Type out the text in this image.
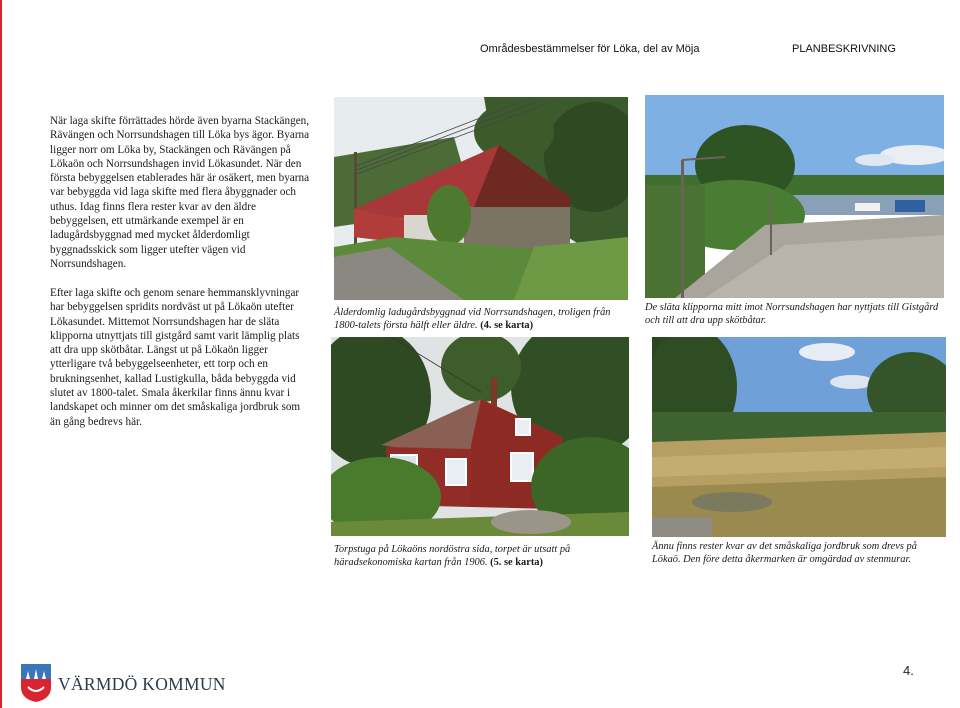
Områdesbestämmelser för Löka, del av Möja	PLANBESKRIVNING

När laga skifte förrättades hörde även byarna Stackängen, Rävängen och Norrsundshagen till Löka bys ägor. Byarna ligger norr om Löka by, Stackängen och Rävängen på Lökaön och Norrsundshagen invid Lökasundet. När den första bebyggelsen etablerades här är osäkert, men byarna var bebyggda vid laga skifte med flera åbyggnader och uthus. Idag finns flera rester kvar av den äldre bebyggelsen, ett utmärkande exempel är en ladugårdsbyggnad med mycket ålderdomligt byggnadsskick som ligger utefter vägen vid Norrsundshagen.

Efter laga skifte och genom senare hemmansklyvningar har bebyggelsen spridits nordväst ut på Lökaön utefter Lökasundet. Mittemot Norrsundshagen har de släta klipporna utnyttjats till gistgård samt varit lämplig plats att dra upp skötbåtar. Längst ut på Lökaön ligger ytterligare två bebyggelseenheter, ett torp och en brukningsenhet, kallad Lustigkulla, båda bebyggda vid slutet av 1800-talet. Smala åkerkilar finns ännu kvar i landskapet och minner om det småskaliga jordbruk som än gång bedrevs här.

Ålderdomlig ladugårdsbyggnad vid Norrsundshagen, troligen från 1800-talets första hälft eller äldre. (4. se karta)

De släta klipporna mitt imot Norrsundshagen har nyttjats till Gistgård och till att dra upp skötbåtar.

Torpstuga på Lökaöns nordöstra sida, torpet är utsatt på häradsekonomiska kartan från 1906. (5. se karta)

Ännu finns rester kvar av det småskaliga jordbruk som drevs på Lökaö. Den före detta åkermarken är omgärdad av stenmurar.

VÄRMDÖ KOMMUN
4.
